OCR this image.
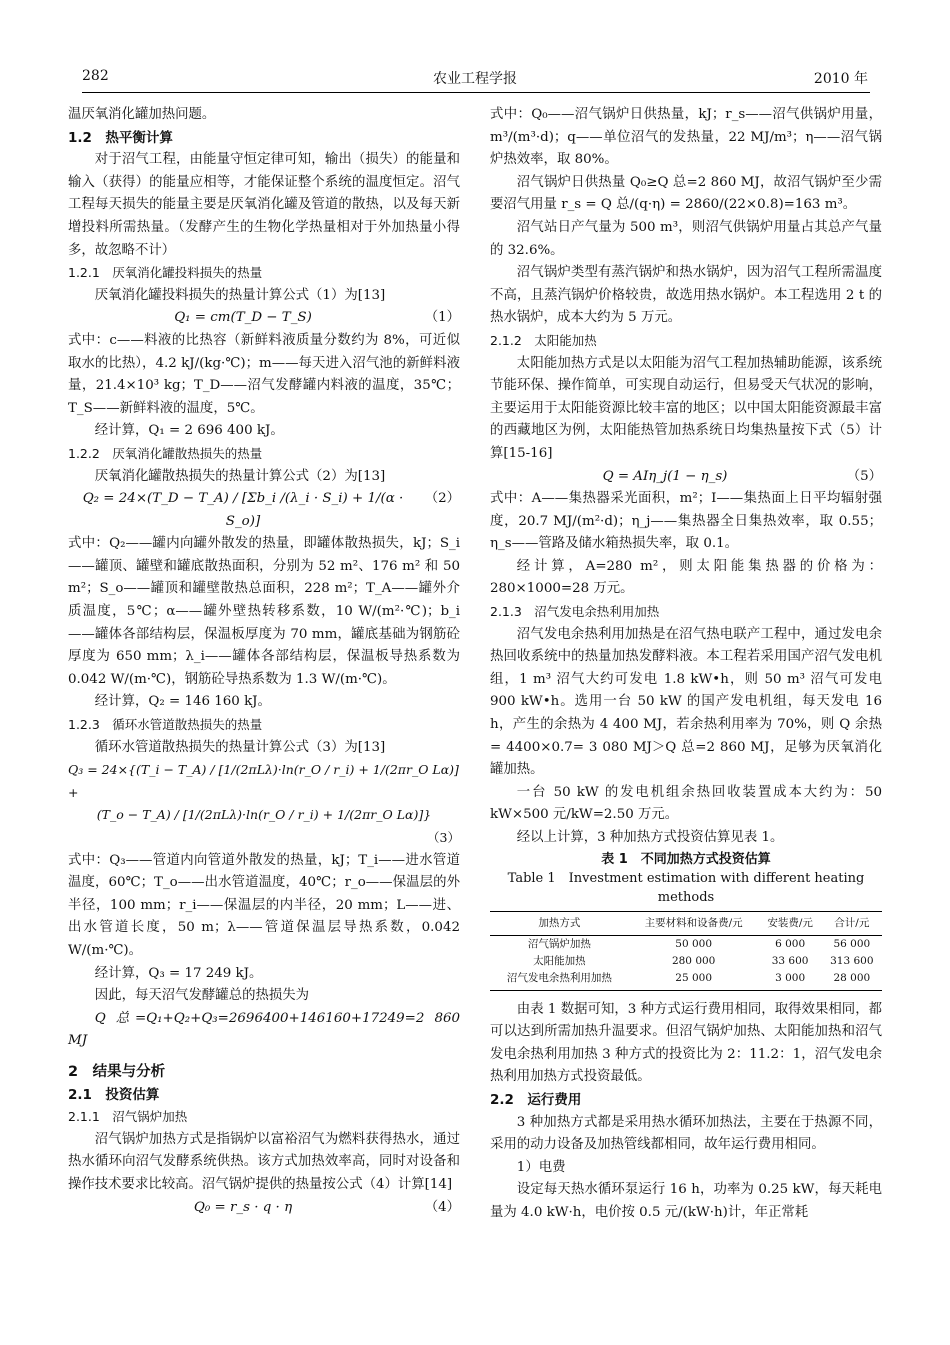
282	农业工程学报	2010 年

温厌氧消化罐加热问题。

1.2　热平衡计算

对于沼气工程，由能量守恒定律可知，输出（损失）的能量和输入（获得）的能量应相等，才能保证整个系统的温度恒定。沼气工程每天损失的能量主要是厌氧消化罐及管道的散热，以及每天新增投料所需热量。（发酵产生的生物化学热量相对于外加热量小得多，故忽略不计）

1.2.1　厌氧消化罐投料损失的热量

厌氧消化罐投料损失的热量计算公式（1）为[13]

Q₁ = cm(T_D − T_S)	（1）

式中：c——料液的比热容（新鲜料液质量分数约为 8%，可近似取水的比热），4.2 kJ/(kg·℃)；m——每天进入沼气池的新鲜料液量，21.4×10³ kg；T_D——沼气发酵罐内料液的温度，35℃；T_S——新鲜料液的温度，5℃。

经计算，Q₁ = 2 696 400 kJ。

1.2.2　厌氧消化罐散热损失的热量

厌氧消化罐散热损失的热量计算公式（2）为[13]

Q₂ = 24×(T_D − T_A) / [Σb_i /(λ_i · S_i) + 1/(α · S_o)]
（2）

式中：Q₂——罐内向罐外散发的热量，即罐体散热损失，kJ；S_i——罐顶、罐壁和罐底散热面积，分别为 52 m²、176 m² 和 50 m²；S_o——罐顶和罐壁散热总面积，228 m²；T_A——罐外介质温度，5℃；α——罐外壁热转移系数，10 W/(m²·℃)；b_i——罐体各部结构层，保温板厚度为 70 mm，罐底基础为钢筋砼厚度为 650 mm；λ_i——罐体各部结构层，保温板导热系数为 0.042 W/(m·℃)，钢筋砼导热系数为 1.3 W/(m·℃)。

经计算，Q₂ = 146 160 kJ。

1.2.3　循环水管道散热损失的热量

循环水管道散热损失的热量计算公式（3）为[13]

Q₃ = 24×{(T_i − T_A) / [1/(2πLλ)·ln(r_O / r_i) + 1/(2πr_O Lα)] +
(T_o − T_A) / [1/(2πLλ)·ln(r_O / r_i) + 1/(2πr_O Lα)]}
（3）

式中：Q₃——管道内向管道外散发的热量，kJ；T_i——进水管道温度，60℃；T_o——出水管道温度，40℃；r_o——保温层的外半径，100 mm；r_i——保温层的内半径，20 mm；L——进、出水管道长度，50 m；λ——管道保温层导热系数，0.042 W/(m·℃)。

经计算，Q₃ = 17 249 kJ。

因此，每天沼气发酵罐总的热损失为

Q 总=Q₁+Q₂+Q₃=2696400+146160+17249=2 860 MJ

2　结果与分析

2.1　投资估算

2.1.1　沼气锅炉加热

沼气锅炉加热方式是指锅炉以富裕沼气为燃料获得热水，通过热水循环向沼气发酵系统供热。该方式加热效率高，同时对设备和操作技术要求比较高。沼气锅炉提供的热量按公式（4）计算[14]

Q₀ = r_s · q · η	（4）

式中：Q₀——沼气锅炉日供热量，kJ；r_s——沼气供锅炉用量，m³/(m³·d)；q——单位沼气的发热量，22 MJ/m³；η——沼气锅炉热效率，取 80%。

沼气锅炉日供热量 Q₀≥Q 总=2 860 MJ，故沼气锅炉至少需要沼气用量 r_s = Q 总/(q·η) = 2860/(22×0.8)=163 m³。

沼气站日产气量为 500 m³，则沼气供锅炉用量占其总产气量的 32.6%。

沼气锅炉类型有蒸汽锅炉和热水锅炉，因为沼气工程所需温度不高，且蒸汽锅炉价格较贵，故选用热水锅炉。本工程选用 2 t 的热水锅炉，成本大约为 5 万元。

2.1.2　太阳能加热

太阳能加热方式是以太阳能为沼气工程加热辅助能源，该系统节能环保、操作简单，可实现自动运行，但易受天气状况的影响，主要运用于太阳能资源比较丰富的地区；以中国太阳能资源最丰富的西藏地区为例，太阳能热管加热系统日均集热量按下式（5）计算[15-16]

Q = AIη_j(1 − η_s)	（5）

式中：A——集热器采光面积，m²；I——集热面上日平均辐射强度，20.7 MJ/(m²·d)；η_j——集热器全日集热效率，取 0.55；η_s——管路及储水箱热损失率，取 0.1。

经计算，A=280 m²，则太阳能集热器的价格为：280×1000=28 万元。

2.1.3　沼气发电余热利用加热

沼气发电余热利用加热是在沼气热电联产工程中，通过发电余热回收系统中的热量加热发酵料液。本工程若采用国产沼气发电机组，1 m³ 沼气大约可发电 1.8 kW•h，则 50 m³ 沼气可发电 900 kW•h。选用一台 50 kW 的国产发电机组，每天发电 16 h，产生的余热为 4 400 MJ，若余热利用率为 70%，则 Q 余热 = 4400×0.7= 3 080 MJ＞Q 总=2 860 MJ，足够为厌氧消化罐加热。

一台 50 kW 的发电机组余热回收装置成本大约为：50 kW×500 元/kW=2.50 万元。

经以上计算，3 种加热方式投资估算见表 1。

表 1　不同加热方式投资估算
Table 1　Investment estimation with different heating methods
加热方式	主要材料和设备费/元	安装费/元	合计/元
沼气锅炉加热	50 000	6 000	56 000
太阳能加热	280 000	33 600	313 600
沼气发电余热利用加热	25 000	3 000	28 000

由表 1 数据可知，3 种方式运行费用相同，取得效果相同，都可以达到所需加热升温要求。但沼气锅炉加热、太阳能加热和沼气发电余热利用加热 3 种方式的投资比为 2：11.2：1，沼气发电余热利用加热方式投资最低。

2.2　运行费用

3 种加热方式都是采用热水循环加热法，主要在于热源不同，采用的动力设备及加热管线都相同，故年运行费用相同。

1）电费

设定每天热水循环泵运行 16 h，功率为 0.25 kW，每天耗电量为 4.0 kW·h，电价按 0.5 元/(kW·h)计，年正常耗
